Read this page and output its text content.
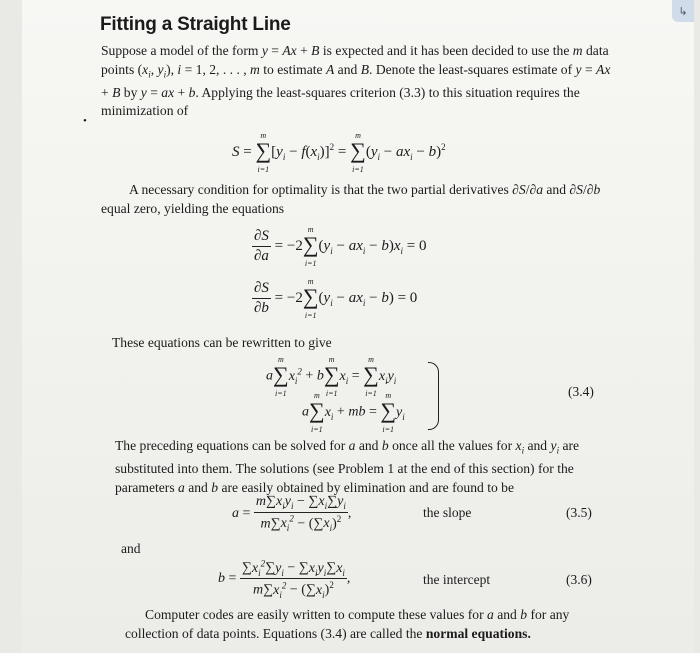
↳
Fitting a Straight Line

Suppose a model of the form y = Ax + B is expected and it has been decided to use the m data points ($x_i$, $y_i$), i = 1, 2, . . . , m to estimate A and B. Denote the least-squares estimate of y = Ax + B by y = ax + b. Applying the least-squares criterion (3.3) to this situation requires the minimization of

•
S =
m
∑
i=1
$[y_i - f(x_i)]^2$ =
m
∑
i=1
$(y_i - ax_i - b)^2$

A necessary condition for optimality is that the two partial derivatives ∂S/∂a and ∂S/∂b equal zero, yielding the equations

$\frac{\partial S}{\partial a} = -2$
m
∑
i=1
$(y_i - ax_i - b)x_i = 0$
$\frac{\partial S}{\partial b} = -2$
m
∑
i=1
$(y_i - ax_i - b) = 0$

These equations can be rewritten to give

a
m
∑
i=1
$x_i^2 + b$
m
∑
i=1
$x_i$ =
m
∑
i=1
$x_iy_i$
a
m
∑
i=1
$x_i$ + mb =
m
∑
i=1
$y_i$
(3.4)

The preceding equations can be solved for a and b once all the values for $x_i$ and $y_i$ are substituted into them. The solutions (see Problem 1 at the end of this section) for the parameters a and b are easily obtained by elimination and are found to be

$a = \frac{m\sum x_iy_i - \sum x_i\sum y_i}{m\sum x_i^2 - (\sum x_i)^2}$ ,	the slope	(3.5)
and
$b = \frac{\sum x_i^2\sum y_i - \sum x_iy_i\sum x_i}{m\sum x_i^2 - (\sum x_i)^2}$ ,	the intercept	(3.6)

Computer codes are easily written to compute these values for a and b for any collection of data points. Equations (3.4) are called the normal equations.
